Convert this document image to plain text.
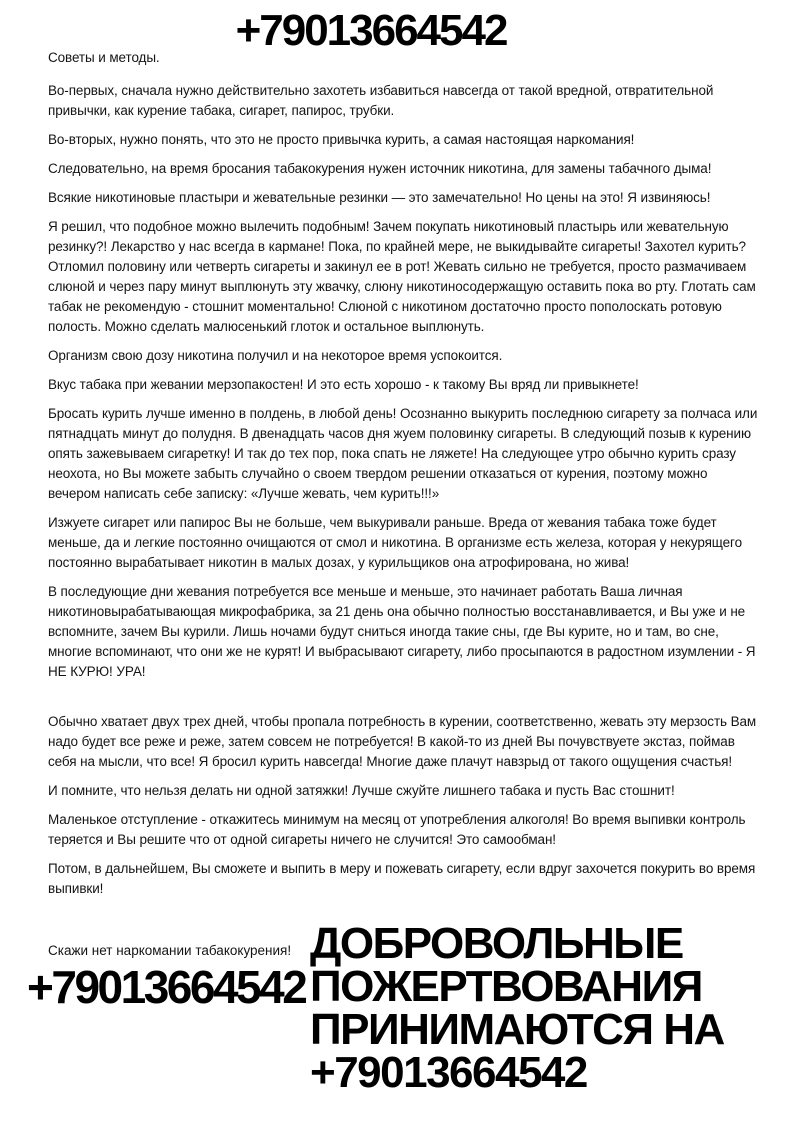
+79013664542

Советы и методы.

Во-первых, сначала нужно действительно захотеть избавиться навсегда от такой вредной, отвратительной привычки, как курение табака, сигарет, папирос, трубки.

Во-вторых, нужно понять, что это не просто привычка курить, а самая настоящая наркомания!

Следовательно, на время бросания табакокурения нужен источник никотина, для замены табачного дыма!

Всякие никотиновые пластыри и жевательные резинки — это замечательно! Но цены на это! Я извиняюсь!

Я решил, что подобное можно вылечить подобным! Зачем покупать никотиновый пластырь или жевательную резинку?! Лекарство у нас всегда в кармане! Пока, по крайней мере, не выкидывайте сигареты! Захотел курить? Отломил половину или четверть сигареты и закинул ее в рот! Жевать сильно не требуется, просто размачиваем слюной и через пару минут выплюнуть эту жвачку, слюну никотиносодержащую оставить пока во рту. Глотать сам табак не рекомендую - стошнит моментально! Слюной с никотином достаточно просто пополоскать ротовую полость. Можно сделать малюсенький глоток и остальное выплюнуть.

Организм свою дозу никотина получил и на некоторое время успокоится.

Вкус табака при жевании мерзопакостен! И это есть хорошо - к такому Вы вряд ли привыкнете!

Бросать курить лучше именно в полдень, в любой день! Осознанно выкурить последнюю сигарету за полчаса или пятнадцать минут до полудня. В двенадцать часов дня жуем половинку сигареты. В следующий позыв к курению опять зажевываем сигаретку! И так до тех пор, пока спать не ляжете! На следующее утро обычно курить сразу неохота, но Вы можете забыть случайно о своем твердом решении отказаться от курения, поэтому можно вечером написать себе записку: «Лучше жевать, чем курить!!!»

Изжуете сигарет или папирос Вы не больше, чем выкуривали раньше. Вреда от жевания табака тоже будет меньше, да и легкие постоянно очищаются от смол и никотина. В организме есть железа, которая у некурящего постоянно вырабатывает никотин в малых дозах, у курильщиков она атрофирована, но жива!

В последующие дни жевания потребуется все меньше и меньше, это начинает работать Ваша личная никотиновырабатывающая микрофабрика, за 21 день она обычно полностью восстанавливается, и Вы уже и не вспомните, зачем Вы курили. Лишь ночами будут сниться иногда такие сны, где Вы курите, но и там, во сне, многие вспоминают, что они же не курят! И выбрасывают сигарету, либо просыпаются в радостном изумлении - Я НЕ КУРЮ! УРА!

Обычно хватает двух трех дней, чтобы пропала потребность в курении, соответственно, жевать эту мерзость Вам надо будет все реже и реже, затем совсем не потребуется! В какой-то из дней Вы почувствуете экстаз, поймав себя на мысли, что все! Я бросил курить навсегда! Многие даже плачут навзрыд от такого ощущения счастья!

И помните, что нельзя делать ни одной затяжки! Лучше сжуйте лишнего табака и пусть Вас стошнит!

Маленькое отступление - откажитесь минимум на месяц от употребления алкоголя! Во время выпивки контроль теряется и Вы решите что от одной сигареты ничего не случится! Это самообман!

Потом, в дальнейшем, Вы сможете и выпить в меру и пожевать сигарету, если вдруг захочется покурить во время выпивки!

Скажи нет наркомании табакокурения!
+79013664542
ДОБРОВОЛЬНЫЕ
ПОЖЕРТВОВАНИЯ
ПРИНИМАЮТСЯ НА
+79013664542
